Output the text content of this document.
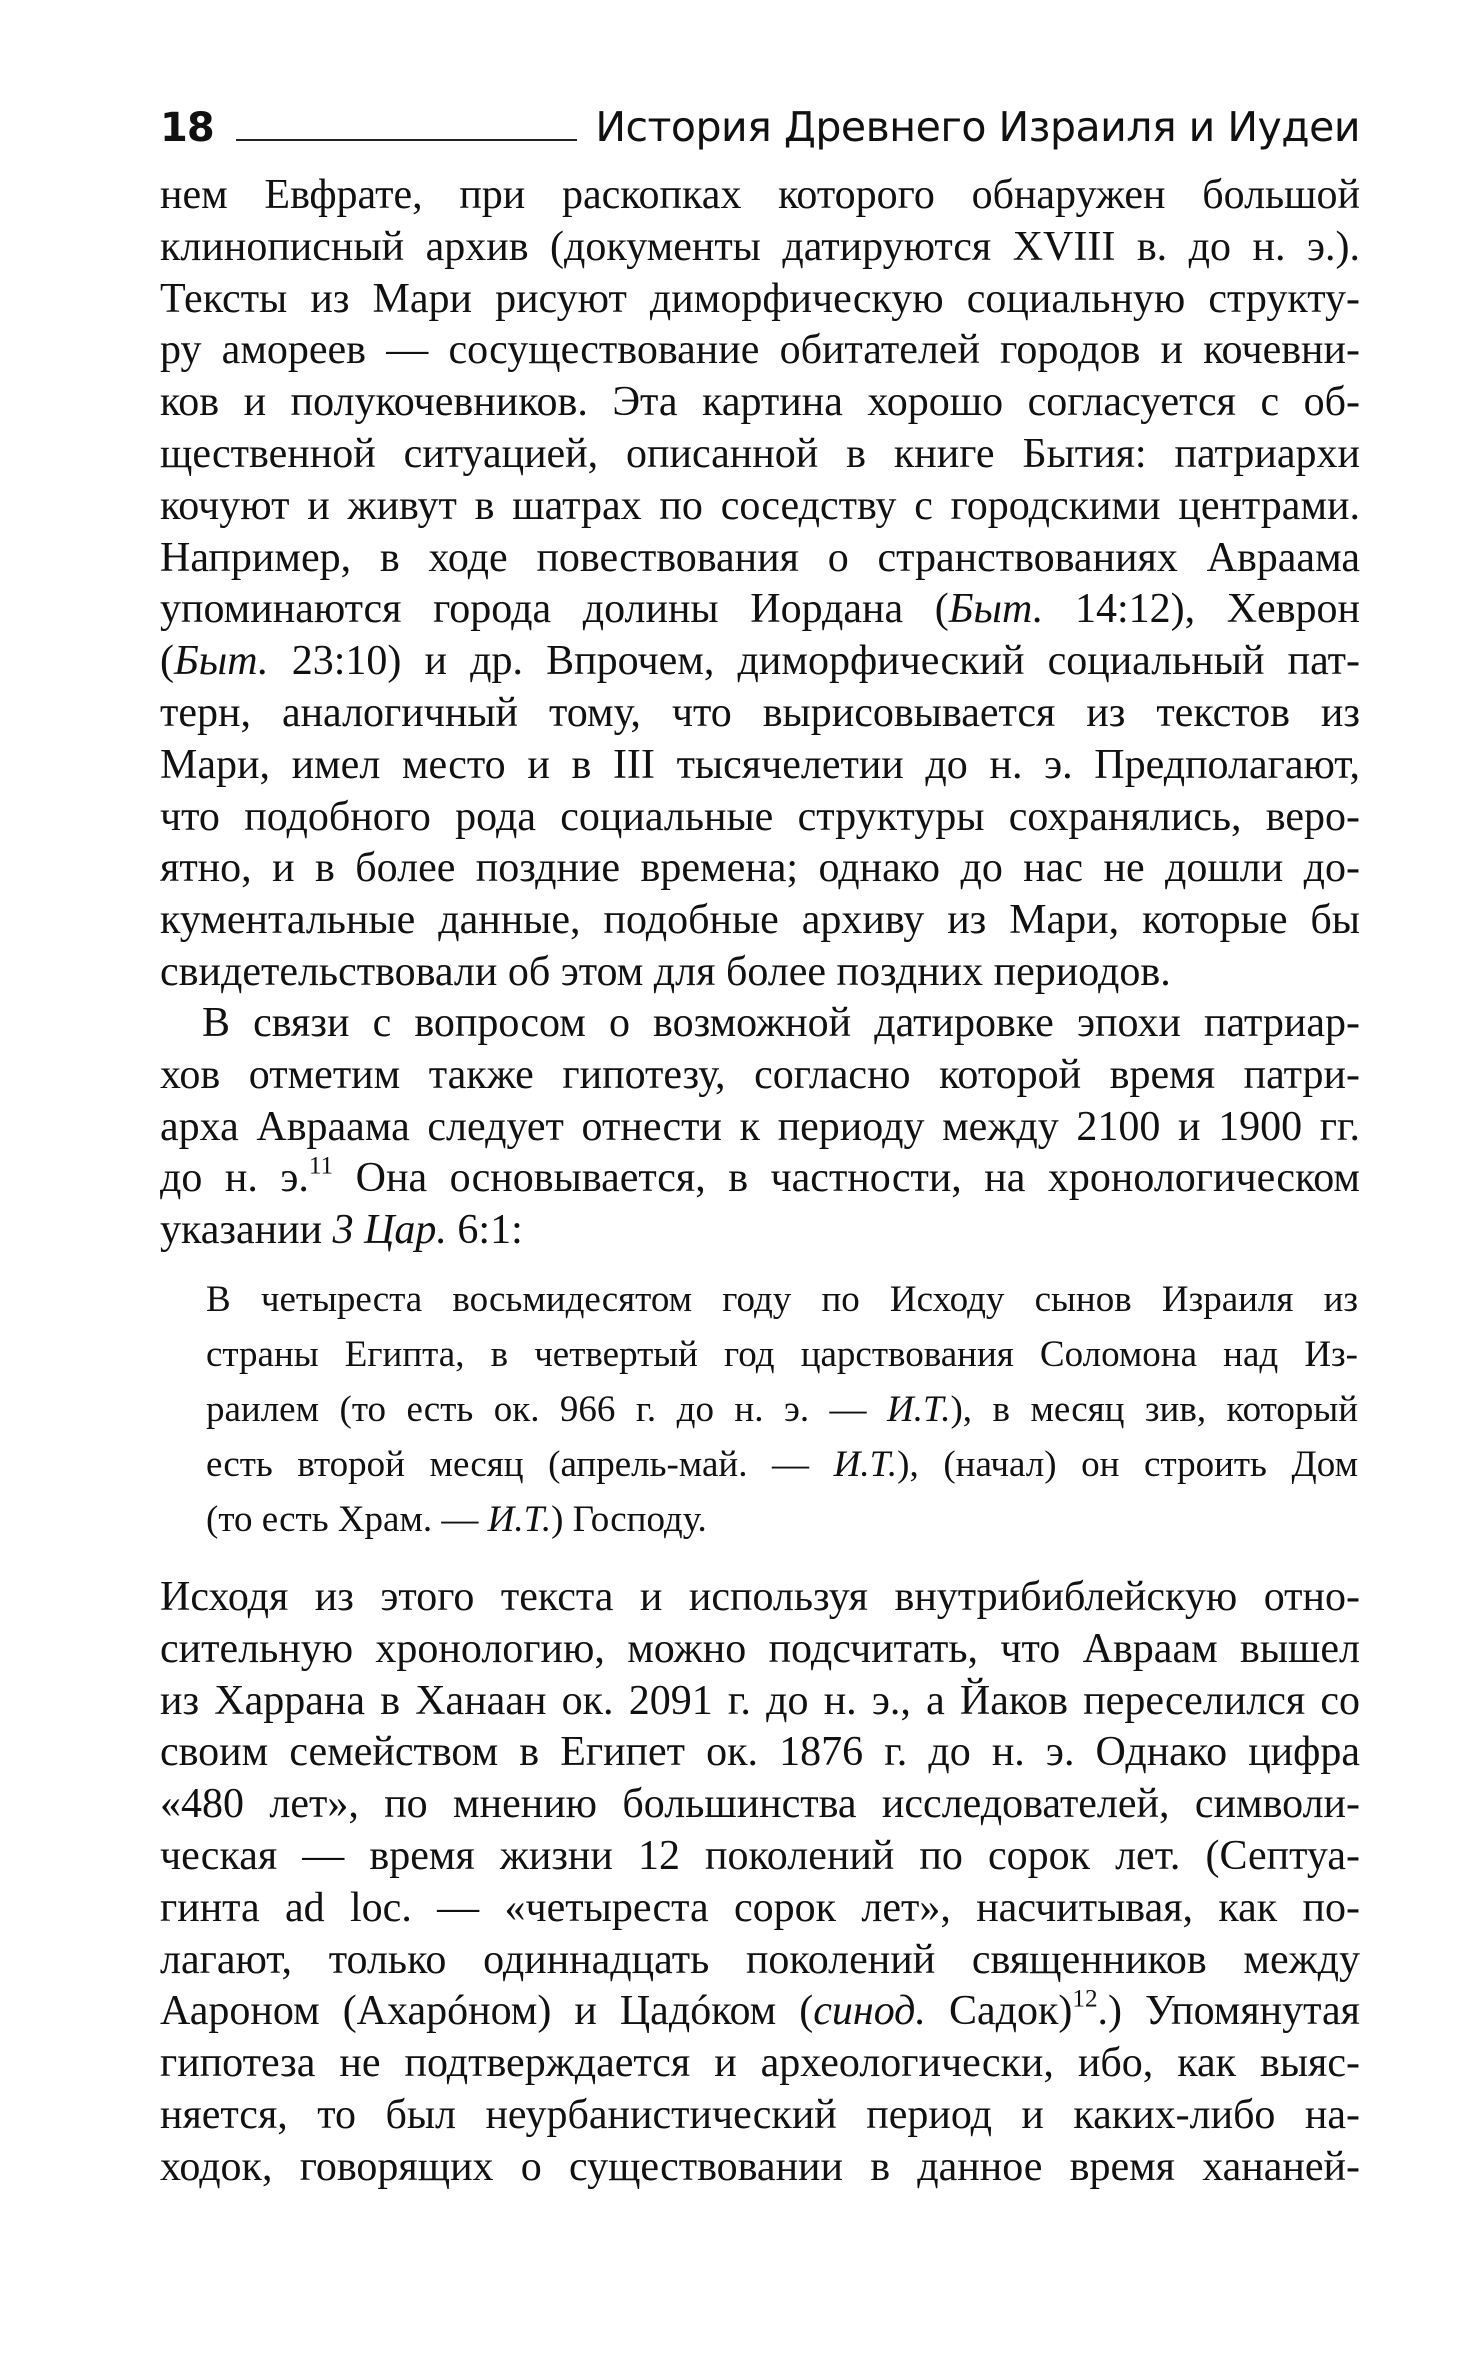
18	История Древнего Израиля и Иудеи
нем Евфрате, при раскопках которого обнаружен большой
клинописный архив (документы датируются XVIII в. до н. э.).
Тексты из Мари рисуют диморфическую социальную структу-
ру амореев — сосуществование обитателей городов и кочевни-
ков и полукочевников. Эта картина хорошо согласуется с об-
щественной ситуацией, описанной в книге Бытия: патриархи
кочуют и живут в шатрах по соседству с городскими центрами.
Например, в ходе повествования о странствованиях Авраама
упоминаются города долины Иордана (Быт. 14:12), Хеврон
(Быт. 23:10) и др. Впрочем, диморфический социальный пат-
терн, аналогичный тому, что вырисовывается из текстов из
Мари, имел место и в III тысячелетии до н. э. Предполагают,
что подобного рода социальные структуры сохранялись, веро-
ятно, и в более поздние времена; однако до нас не дошли до-
кументальные данные, подобные архиву из Мари, которые бы
свидетельствовали об этом для более поздних периодов.
В связи с вопросом о возможной датировке эпохи патриар-
хов отметим также гипотезу, согласно которой время патри-
арха Авраама следует отнести к периоду между 2100 и 1900 гг.
до н. э.$^{11}$ Она основывается, в частности, на хронологическом
указании 3 Цар. 6:1:
В четыреста восьмидесятом году по Исходу сынов Израиля из
страны Египта, в четвертый год царствования Соломона над Из-
раилем (то есть ок. 966 г. до н. э. — И.Т.), в месяц зив, который
есть второй месяц (апрель-май. — И.Т.), (начал) он строить Дом
(то есть Храм. — И.Т.) Господу.
Исходя из этого текста и используя внутрибиблейскую отно-
сительную хронологию, можно подсчитать, что Авраам вышел
из Харрана в Ханаан ок. 2091 г. до н. э., а Йаков переселился со
своим семейством в Египет ок. 1876 г. до н. э. Однако цифра
«480 лет», по мнению большинства исследователей, символи-
ческая — время жизни 12 поколений по сорок лет. (Септуа-
гинта ad loc. — «четыреста сорок лет», насчитывая, как по-
лагают, только одиннадцать поколений священников между
Аароном (Ахарóном) и Цадóком (синод. Садок)$^{12}$.) Упомянутая
гипотеза не подтверждается и археологически, ибо, как выяс-
няется, то был неурбанистический период и каких-либо на-
ходок, говорящих о существовании в данное время хананей-
